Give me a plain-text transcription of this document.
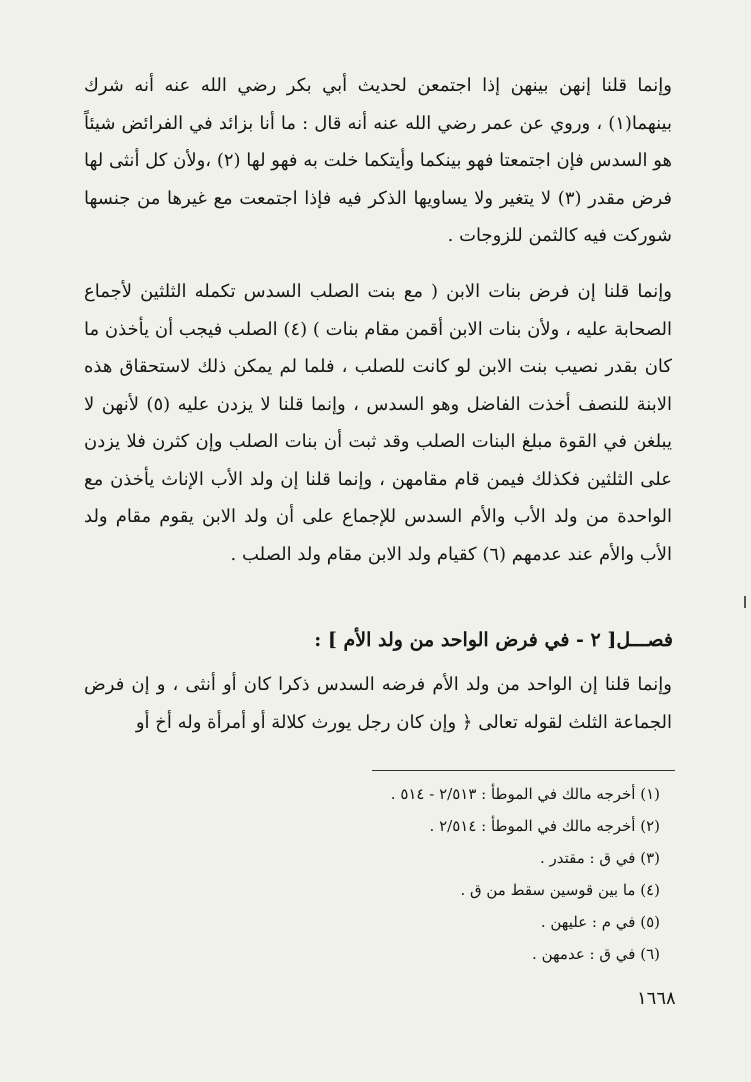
وإنما قلنا إنهن بينهن إذا اجتمعن لحديث أبي بكر رضي الله عنه أنه شرك بينهما(١) ، وروي عن عمر رضي الله عنه أنه قال : ما أنا بزائد في الفرائض شيئاً هو السدس فإن اجتمعتا فهو بينكما وأيتكما خلت به فهو لها (٢) ،ولأن كل أنثى لها فرض مقدر (٣) لا يتغير ولا يساويها الذكر فيه فإذا اجتمعت مع غيرها من جنسها شوركت فيه كالثمن للزوجات .

وإنما قلنا إن فرض بنات الابن ( مع بنت الصلب السدس تكمله الثلثين لأجماع الصحابة عليه ، ولأن بنات الابن أقمن مقام بنات ) (٤) الصلب فيجب أن يأخذن ما كان بقدر نصيب بنت الابن لو كانت للصلب ، فلما لم يمكن ذلك لاستحقاق هذه الابنة للنصف أخذت الفاضل وهو السدس ، وإنما قلنا لا يزدن عليه (٥) لأنهن لا يبلغن في القوة مبلغ البنات الصلب وقد ثبت أن بنات الصلب وإن كثرن فلا يزدن على الثلثين فكذلك فيمن قام مقامهن ، وإنما قلنا إن ولد الأب الإناث يأخذن مع الواحدة من ولد الأب والأم السدس للإجماع على أن ولد الابن يقوم مقام ولد الأب والأم عند عدمهم (٦) كقيام ولد الابن مقام ولد الصلب .

فصـــل[ ٢ - في فرض الواحد من ولد الأم ] :

وإنما قلنا إن الواحد من ولد الأم فرضه السدس ذكرا كان أو أنثى ، و إن فرض الجماعة الثلث لقوله تعالى ﴿ وإن كان رجل يورث كلالة أو أمرأة وله أخ أو

(١) أخرجه مالك في الموطأ : ٢/٥١٣ - ٥١٤ .
(٢) أخرجه مالك في الموطأ : ٢/٥١٤ .
(٣) في ق : مقتدر .
(٤) ما بين قوسين سقط من ق .
(٥) في م : عليهن .
(٦) في ق : عدمهن .
١٦٦٨
